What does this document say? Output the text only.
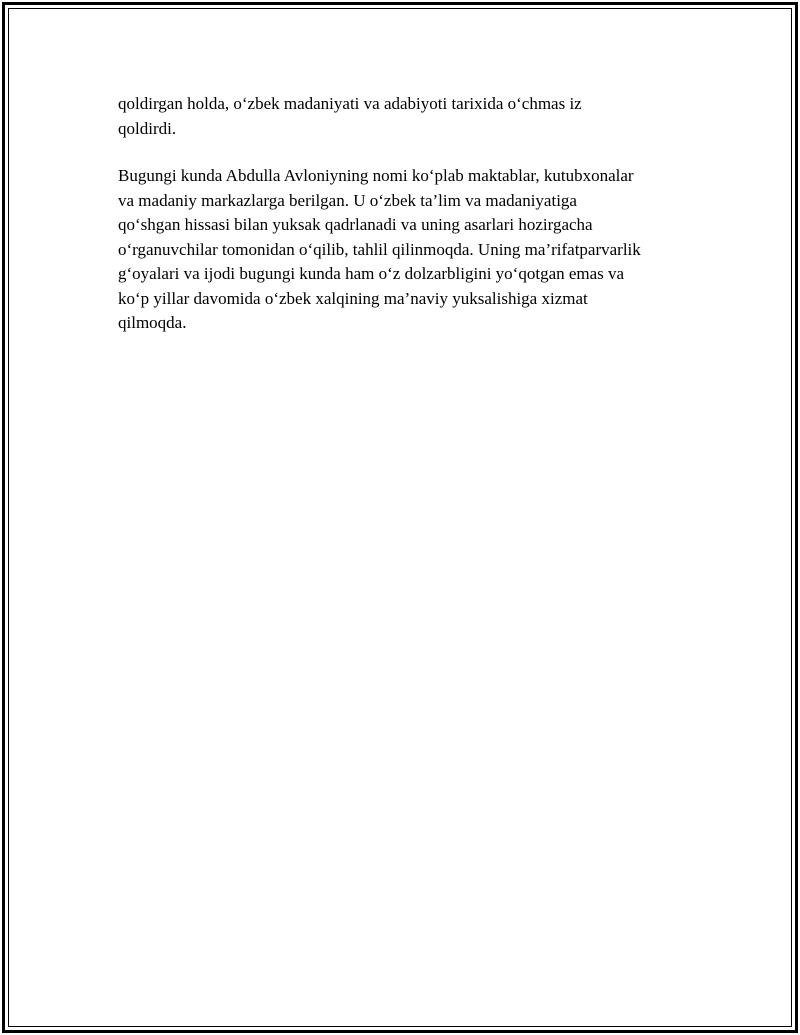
qoldirgan holda, o‘zbek madaniyati va adabiyoti tarixida o‘chmas iz
qoldirdi.

Bugungi kunda Abdulla Avloniyning nomi ko‘plab maktablar, kutubxonalar
va madaniy markazlarga berilgan. U o‘zbek ta’lim va madaniyatiga
qo‘shgan hissasi bilan yuksak qadrlanadi va uning asarlari hozirgacha
o‘rganuvchilar tomonidan o‘qilib, tahlil qilinmoqda. Uning ma’rifatparvarlik
g‘oyalari va ijodi bugungi kunda ham o‘z dolzarbligini yo‘qotgan emas va
ko‘p yillar davomida o‘zbek xalqining ma’naviy yuksalishiga xizmat
qilmoqda.
